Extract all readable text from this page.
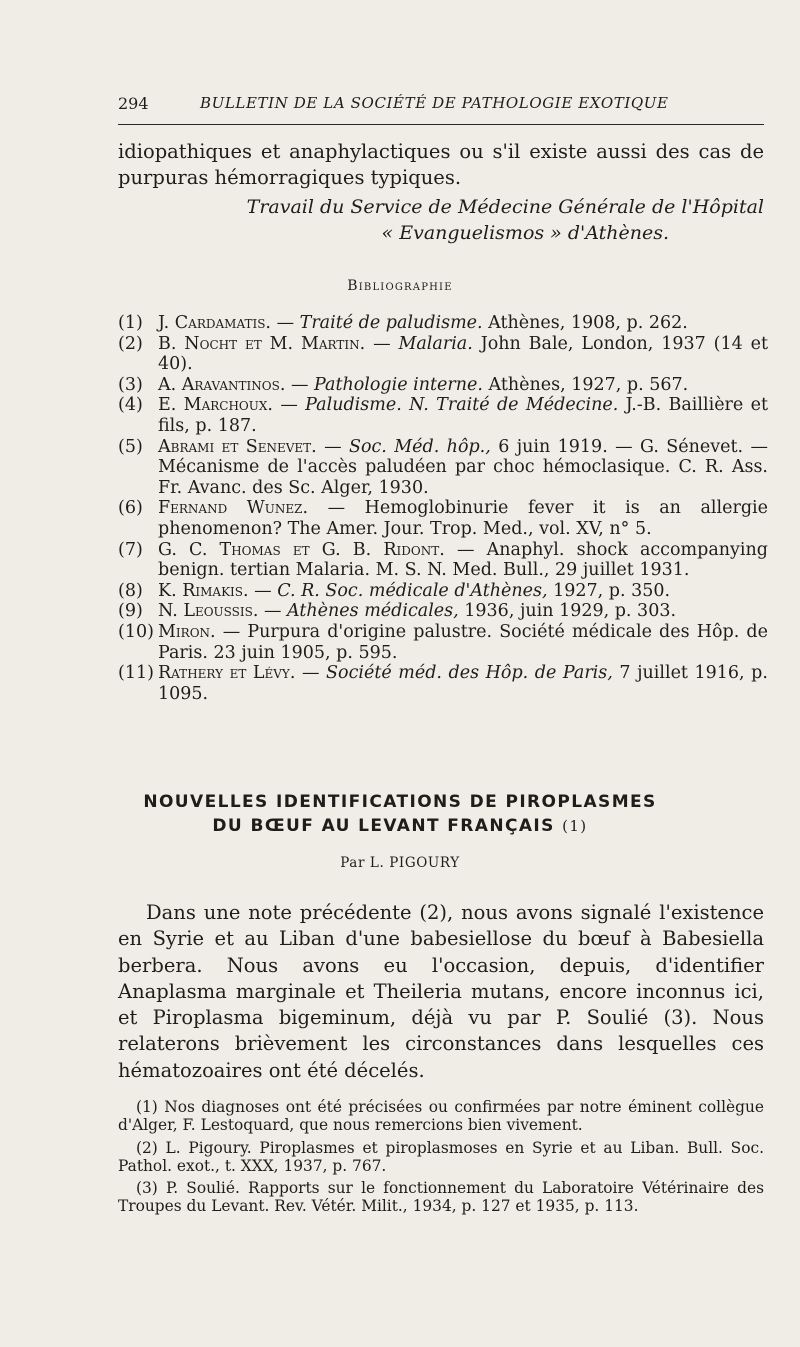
294	BULLETIN DE LA SOCIÉTÉ DE PATHOLOGIE EXOTIQUE
idiopathiques et anaphylactiques ou s'il existe aussi des cas de purpuras hémorragiques typiques.
Travail du Service de Médecine Générale de l'Hôpital
« Evanguelismos » d'Athènes.
Bibliographie
(1) J. Cardamatis. — Traité de paludisme. Athènes, 1908, p. 262.
(2) B. Nocht et M. Martin. — Malaria. John Bale, London, 1937 (14 et 40).
(3) A. Aravantinos. — Pathologie interne. Athènes, 1927, p. 567.
(4) E. Marchoux. — Paludisme. N. Traité de Médecine. J.-B. Baillière et fils, p. 187.
(5) Abrami et Senevet. — Soc. Méd. hôp., 6 juin 1919. — G. Sénevet. — Mécanisme de l'accès paludéen par choc hémoclasique. C. R. Ass. Fr. Avanc. des Sc. Alger, 1930.
(6) Fernand Wunez. — Hemoglobinurie fever it is an allergie phenomenon? The Amer. Jour. Trop. Med., vol. XV, n° 5.
(7) G. C. Thomas et G. B. Ridont. — Anaphyl. shock accompanying benign. tertian Malaria. M. S. N. Med. Bull., 29 juillet 1931.
(8) K. Rimakis. — C. R. Soc. médicale d'Athènes, 1927, p. 350.
(9) N. Leoussis. — Athènes médicales, 1936, juin 1929, p. 303.
(10) Miron. — Purpura d'origine palustre. Société médicale des Hôp. de Paris. 23 juin 1905, p. 595.
(11) Rathery et Lévy. — Société méd. des Hôp. de Paris, 7 juillet 1916, p. 1095.
NOUVELLES IDENTIFICATIONS DE PIROPLASMES
DU BŒUF AU LEVANT FRANÇAIS (1)
Par L. PIGOURY
Dans une note précédente (2), nous avons signalé l'existence en Syrie et au Liban d'une babesiellose du bœuf à Babesiella berbera. Nous avons eu l'occasion, depuis, d'identifier Anaplasma marginale et Theileria mutans, encore inconnus ici, et Piroplasma bigeminum, déjà vu par P. Soulié (3). Nous relaterons brièvement les circonstances dans lesquelles ces hématozoaires ont été décelés.

(1) Nos diagnoses ont été précisées ou confirmées par notre éminent collègue d'Alger, F. Lestoquard, que nous remercions bien vivement.

(2) L. Pigoury. Piroplasmes et piroplasmoses en Syrie et au Liban. Bull. Soc. Pathol. exot., t. XXX, 1937, p. 767.

(3) P. Soulié. Rapports sur le fonctionnement du Laboratoire Vétérinaire des Troupes du Levant. Rev. Vétér. Milit., 1934, p. 127 et 1935, p. 113.
